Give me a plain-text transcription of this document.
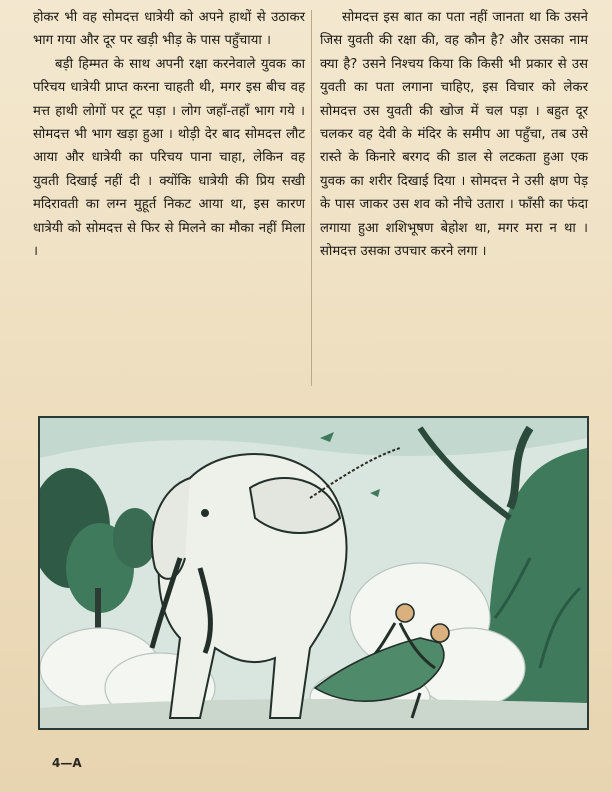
होकर भी वह सोमदत्त धात्रेयी को अपने हाथों से उठाकर भाग गया और दूर पर खड़ी भीड़ के पास पहुँचाया ।

बड़ी हिम्मत के साथ अपनी रक्षा करनेवाले युवक का परिचय धात्रेयी प्राप्त करना चाहती थी, मगर इस बीच वह मत्त हाथी लोगों पर टूट पड़ा । लोग जहाँ-तहाँ भाग गये । सोमदत्त भी भाग खड़ा हुआ । थोड़ी देर बाद सोमदत्त लौट आया और धात्रेयी का परिचय पाना चाहा, लेकिन वह युवती दिखाई नहीं दी । क्योंकि धात्रेयी की प्रिय सखी मदिरावती का लग्न मुहूर्त निकट आया था, इस कारण धात्रेयी को सोमदत्त से फिर से मिलने का मौका नहीं मिला ।

सोमदत्त इस बात का पता नहीं जानता था कि उसने जिस युवती की रक्षा की, वह कौन है? और उसका नाम क्या है? उसने निश्चय किया कि किसी भी प्रकार से उस युवती का पता लगाना चाहिए, इस विचार को लेकर सोमदत्त उस युवती की खोज में चल पड़ा । बहुत दूर चलकर वह देवी के मंदिर के समीप आ पहुँचा, तब उसे रास्ते के किनारे बरगद की डाल से लटकता हुआ एक युवक का शरीर दिखाई दिया । सोमदत्त ने उसी क्षण पेड़ के पास जाकर उस शव को नीचे उतारा । फाँसी का फंदा लगाया हुआ शशिभूषण बेहोश था, मगर मरा न था । सोमदत्त उसका उपचार करने लगा ।

4—A
